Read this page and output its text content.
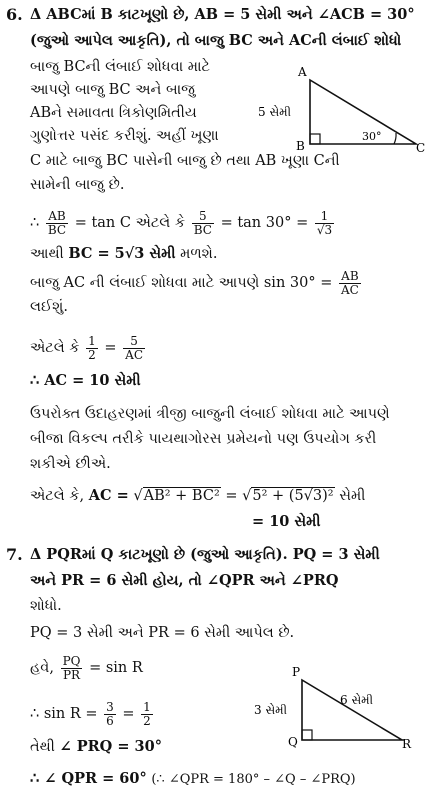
6. Δ ABCમાં B કાટખૂણો છે, AB = 5 સેમી અને ∠ACB = 30°
(જુઓ આપેલ આકૃતિ), તો બાજુ BC અને ACની લંબાઈ શોધો
બાજુ BCની લંબાઈ શોધવા માટે
આપણે બાજુ BC અને બાજુ
ABને સમાવતા ત્રિકોણમિતીય
ગુણોત્તર પસંદ કરીશું. અહીં ખૂણા
C માટે બાજુ BC પાસેની બાજુ છે તથા AB ખૂણા Cની
સામેની બાજુ છે.
A
B	C
5 સેમી
30°
∴ $\frac{AB}{BC} = \tan C$ એટલે કે $\frac{5}{BC} = \tan 30^\circ = \frac{1}{√3}$
આથી BC = 5√3 સેમી મળશે.
બાજુ AC ની લંબાઈ શોધવા માટે આપણે $\sin 30^\circ = \frac{AB}{AC}$
લઈશું.
એટલે કે $\frac{1}{2} = \frac{5}{AC}$
∴ AC = 10 સેમી
ઉપરોક્ત ઉદાહરણમાં ત્રીજી બાજુની લંબાઈ શોધવા માટે આપણે
બીજા વિકલ્પ તરીકે પાયથાગોરસ પ્રમેયનો પણ ઉપયોગ કરી
શકીએ છીએ.
એટલે કે, AC = √AB² + BC² = √5² + (5√3)² સેમી
= 10 સેમી
7. Δ PQRમાં Q કાટખૂણો છે (જુઓ આકૃતિ). PQ = 3 સેમી
અને PR = 6 સેમી હોય, તો ∠QPR અને ∠PRQ
શોધો.
PQ = 3 સેમી અને PR = 6 સેમી આપેલ છે.
હવે, $\frac{PQ}{PR} = \sin R$
∴ $\sin R = \frac{3}{6} = \frac{1}{2}$
તેથી ∠ PRQ = 30°
∴ ∠ QPR = 60° (∴ ∠QPR = 180° – ∠Q – ∠PRQ)
P
Q	R
3 સેમી
6 સેમી
